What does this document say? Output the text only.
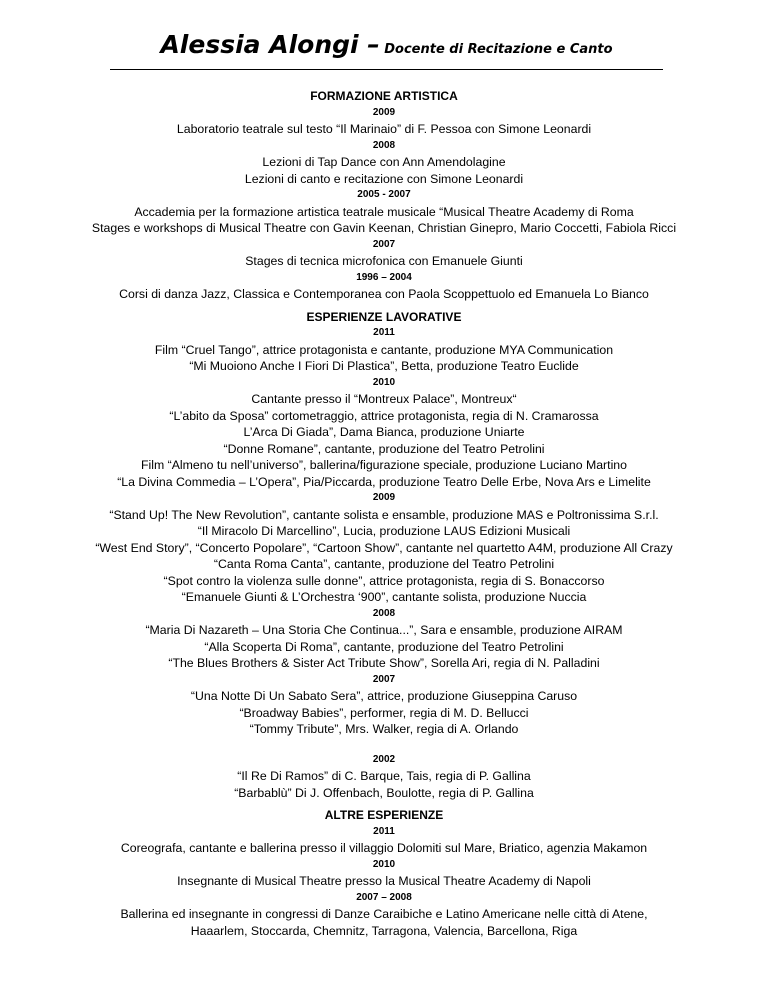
Alessia Alongi – Docente di Recitazione e Canto
FORMAZIONE ARTISTICA
2009
Laboratorio teatrale sul testo “Il Marinaio” di F. Pessoa con Simone Leonardi
2008
Lezioni di Tap Dance con Ann Amendolagine
Lezioni di canto e recitazione con Simone Leonardi
2005 - 2007
Accademia per la formazione artistica teatrale musicale “Musical Theatre Academy di Roma
Stages e workshops di Musical Theatre con Gavin Keenan, Christian Ginepro, Mario Coccetti, Fabiola Ricci
2007
Stages di tecnica microfonica con Emanuele Giunti
1996 – 2004
Corsi di danza Jazz, Classica e Contemporanea con Paola Scoppettuolo ed Emanuela Lo Bianco
ESPERIENZE LAVORATIVE
2011
Film “Cruel Tango”, attrice protagonista e cantante, produzione MYA Communication
“Mi Muoiono Anche I Fiori Di Plastica”, Betta, produzione Teatro Euclide
2010
Cantante presso il “Montreux Palace”, Montreux“
“L’abito da Sposa” cortometraggio, attrice protagonista, regia di N. Cramarossa
L’Arca Di Giada”, Dama Bianca, produzione Uniarte
“Donne Romane”, cantante, produzione del Teatro Petrolini
Film “Almeno tu nell’universo”, ballerina/figurazione speciale, produzione Luciano Martino
“La Divina Commedia – L’Opera”, Pia/Piccarda, produzione Teatro Delle Erbe, Nova Ars e Limelite
2009
“Stand Up! The New Revolution”, cantante solista e ensamble, produzione MAS e Poltronissima S.r.l.
“Il Miracolo Di Marcellino”, Lucia, produzione LAUS Edizioni Musicali
“West End Story”, “Concerto Popolare”, “Cartoon Show”, cantante nel quartetto A4M, produzione All Crazy
“Canta Roma Canta”, cantante, produzione del Teatro Petrolini
“Spot contro la violenza sulle donne”, attrice protagonista, regia di S. Bonaccorso
“Emanuele Giunti & L’Orchestra ‘900”, cantante solista, produzione Nuccia
2008
“Maria Di Nazareth – Una Storia Che Continua...”, Sara e ensamble, produzione AIRAM
“Alla Scoperta Di Roma”, cantante, produzione del Teatro Petrolini
“The Blues Brothers & Sister Act Tribute Show”, Sorella Ari, regia di N. Palladini
2007
“Una Notte Di Un Sabato Sera”, attrice, produzione Giuseppina Caruso
“Broadway Babies”, performer, regia di M. D. Bellucci
“Tommy Tribute”, Mrs. Walker, regia di A. Orlando
2002
“Il Re Di Ramos” di C. Barque, Tais, regia di P. Gallina
“Barbablù” Di J. Offenbach, Boulotte, regia di P. Gallina
ALTRE ESPERIENZE
2011
Coreografa, cantante e ballerina presso il villaggio Dolomiti sul Mare, Briatico, agenzia Makamon
2010
Insegnante di Musical Theatre presso la Musical Theatre Academy di Napoli
2007 – 2008
Ballerina ed insegnante in congressi di Danze Caraibiche e Latino Americane nelle città di Atene,
Haaarlem, Stoccarda, Chemnitz, Tarragona, Valencia, Barcellona, Riga
